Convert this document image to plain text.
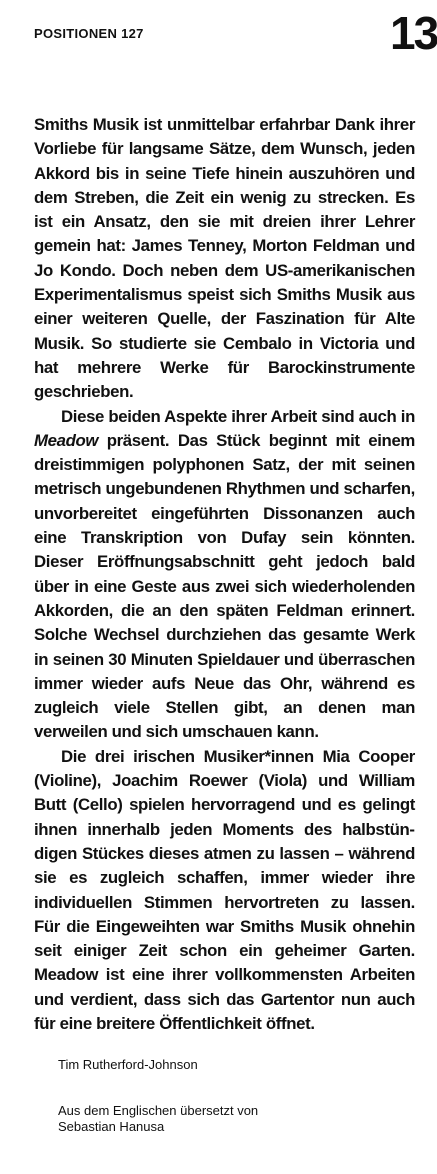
POSITIONEN 127	13

Smiths Musik ist unmittelbar erfahrbar Dank ihrer Vorliebe für langsame Sätze, dem Wunsch, jeden Akkord bis in seine Tiefe hinein auszuhören und dem Streben, die Zeit ein wenig zu strecken. Es ist ein Ansatz, den sie mit dreien ihrer Lehrer gemein hat: James Tenney, Morton Feldman und Jo Kondo. Doch neben dem US-amerikanischen Experimentalismus speist sich Smiths Musik aus einer weiteren Quelle, der Faszination für Alte Musik. So studierte sie Cembalo in Victoria und hat mehrere Werke für Barockinstrumente geschrieben.

Diese beiden Aspekte ihrer Arbeit sind auch in Meadow präsent. Das Stück beginnt mit einem dreistimmigen polyphonen Satz, der mit seinen metrisch ungebundenen Rhythmen und scharfen, unvorbereitet eingeführten Dissonanzen auch eine Transkription von Dufay sein könnten. Dieser Eröffnungsabschnitt geht jedoch bald über in eine Geste aus zwei sich wiederholenden Akkorden, die an den späten Feldman erinnert. Solche Wechsel durchziehen das gesamte Werk in seinen 30 Minuten Spieldauer und überraschen immer wieder aufs Neue das Ohr, während es zugleich viele Stellen gibt, an denen man verweilen und sich umschauen kann.

Die drei irischen Musiker*innen Mia Cooper (Violine), Joachim Roewer (Viola) und William Butt (Cello) spielen hervorragend und es gelingt ihnen innerhalb jeden Moments des halbstündigen Stückes dieses atmen zu lassen – während sie es zugleich schaffen, immer wieder ihre individuellen Stimmen hervortreten zu lassen. Für die Eingeweihten war Smiths Musik ohnehin seit einiger Zeit schon ein geheimer Garten. Meadow ist eine ihrer vollkommensten Arbeiten und verdient, dass sich das Gartentor nun auch für eine breitere Öffentlichkeit öffnet.

Tim Rutherford-Johnson
Aus dem Englischen übersetzt von
Sebastian Hanusa
